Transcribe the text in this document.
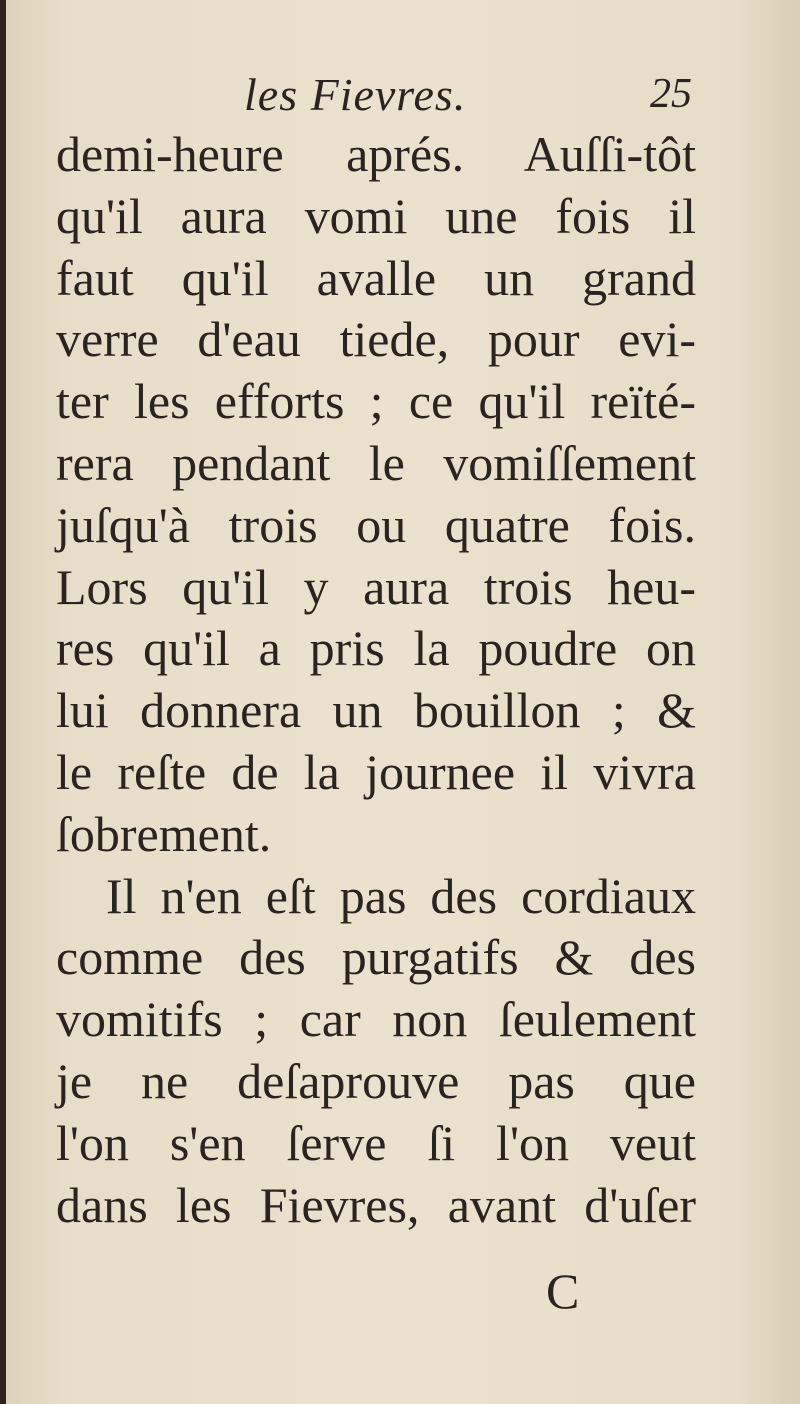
les Fievres.	25
demi-heure aprés. Auſſi-tôt
qu'il aura vomi une fois il
faut qu'il avalle un grand
verre d'eau tiede, pour evi-
ter les efforts ; ce qu'il reïté-
rera pendant le vomiſſement
juſqu'à trois ou quatre fois.
Lors qu'il y aura trois heu-
res qu'il a pris la poudre on
lui donnera un bouillon ; &
le reſte de la journee il vivra
ſobrement.
Il n'en eſt pas des cordiaux
comme des purgatifs & des
vomitifs ; car non ſeulement
je ne deſaprouve pas que
l'on s'en ſerve ſi l'on veut
dans les Fievres, avant d'uſer
C
